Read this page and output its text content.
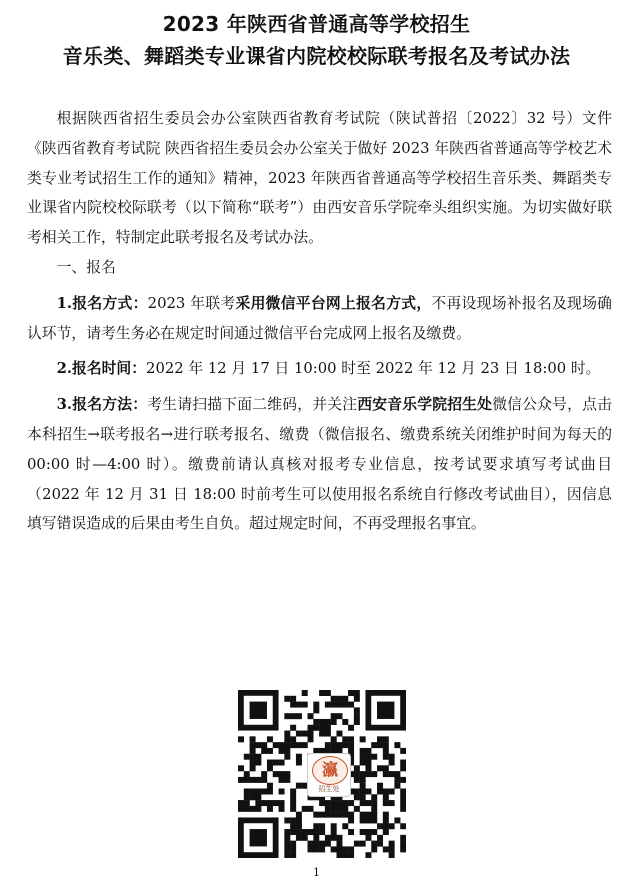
2023 年陕西省普通高等学校招生
音乐类、舞蹈类专业课省内院校校际联考报名及考试办法

根据陕西省招生委员会办公室陕西省教育考试院（陕试普招〔2022〕32 号）文件《陕西省教育考试院 陕西省招生委员会办公室关于做好 2023 年陕西省普通高等学校艺术类专业考试招生工作的通知》精神，2023 年陕西省普通高等学校招生音乐类、舞蹈类专业课省内院校校际联考（以下简称“联考”）由西安音乐学院牵头组织实施。为切实做好联考相关工作，特制定此联考报名及考试办法。

一、报名

1.报名方式：2023 年联考采用微信平台网上报名方式，不再设现场补报名及现场确认环节，请考生务必在规定时间通过微信平台完成网上报名及缴费。

2.报名时间：2022 年 12 月 17 日 10:00 时至 2022 年 12 月 23 日 18:00 时。

3.报名方法：考生请扫描下面二维码，并关注西安音乐学院招生处微信公众号，点击本科招生→联考报名→进行联考报名、缴费（微信报名、缴费系统关闭维护时间为每天的 00:00 时—4:00 时）。缴费前请认真核对报考专业信息，按考试要求填写考试曲目（2022 年 12 月 31 日 18:00 时前考生可以使用报名系统自行修改考试曲目），因信息填写错误造成的后果由考生自负。超过规定时间，不再受理报名事宜。

瀛
招生处
1
